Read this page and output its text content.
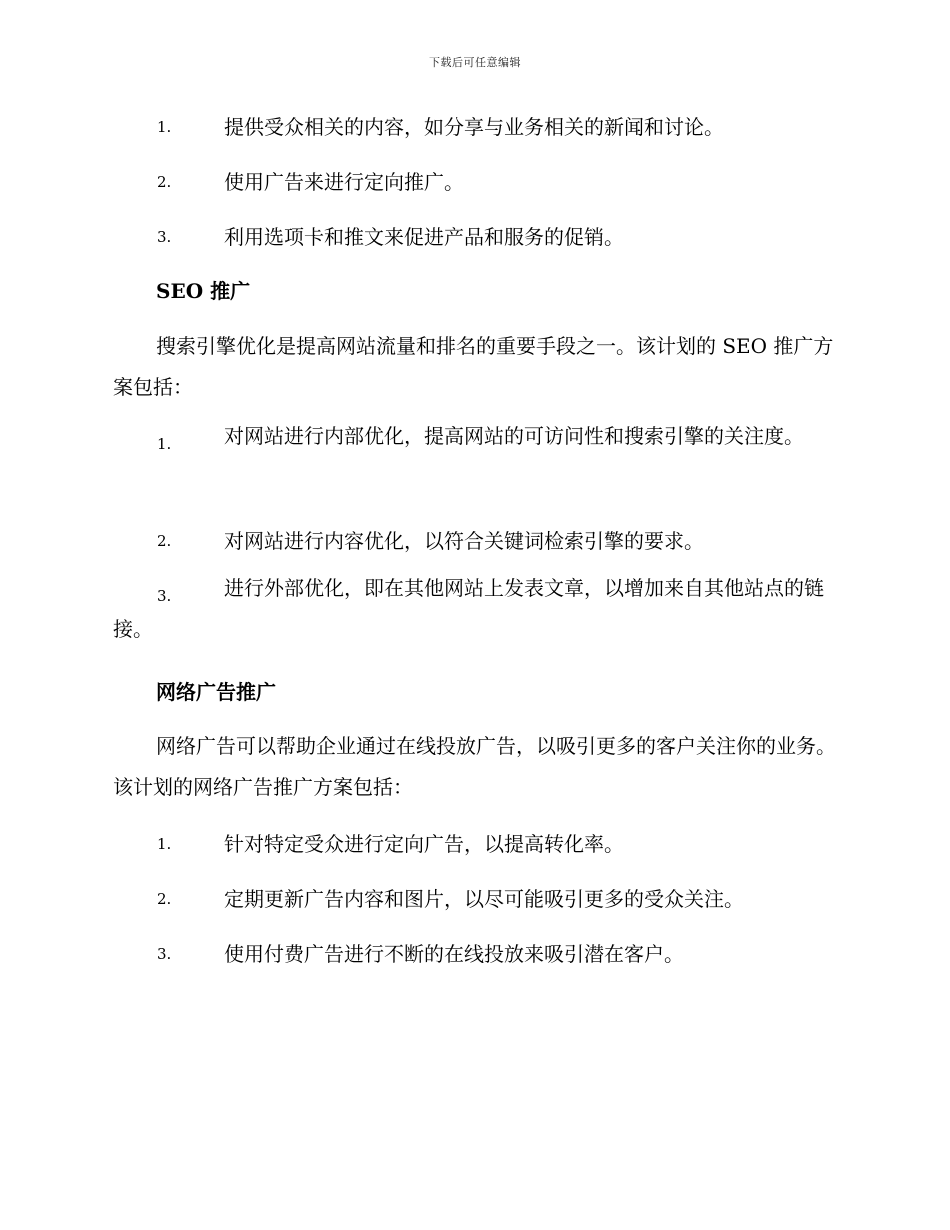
下载后可任意编辑
1.	提供受众相关的内容，如分享与业务相关的新闻和讨论。
2.	使用广告来进行定向推广。
3.	利用选项卡和推文来促进产品和服务的促销。
SEO 推广
搜索引擎优化是提高网站流量和排名的重要手段之一。该计划的 SEO 推广方案包括：
1.	对网站进行内部优化，提高网站的可访问性和搜索引擎的关注度。
2.	对网站进行内容优化，以符合关键词检索引擎的要求。
3.	进行外部优化，即在其他网站上发表文章，以增加来自其他站点的链接。
网络广告推广
网络广告可以帮助企业通过在线投放广告，以吸引更多的客户关注你的业务。该计划的网络广告推广方案包括：
1.	针对特定受众进行定向广告，以提高转化率。
2.	定期更新广告内容和图片，以尽可能吸引更多的受众关注。
3.	使用付费广告进行不断的在线投放来吸引潜在客户。
